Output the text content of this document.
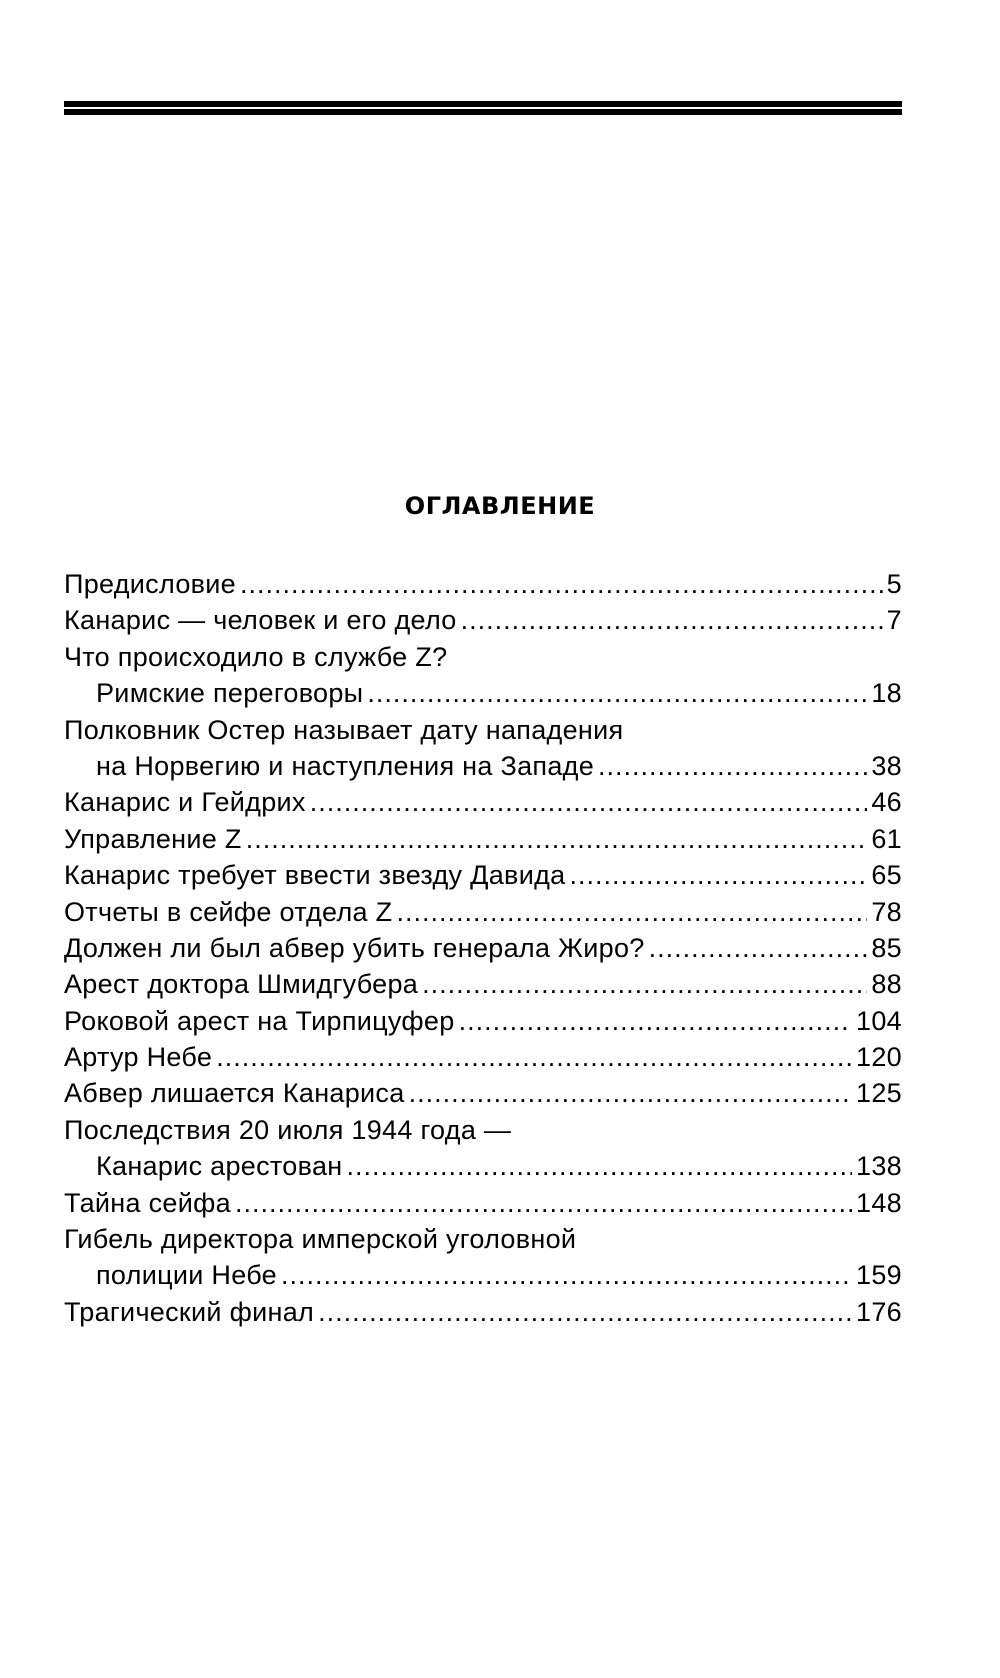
ОГЛАВЛЕНИЕ
Предисловие .....	5
Канарис — человек и его дело .....	7
Что происходило в службе Z?
Римские переговоры .....	18
Полковник Остер называет дату нападения
на Норвегию и наступления на Западе .....	38
Канарис и Гейдрих .....	46
Управление Z .....	61
Канарис требует ввести звезду Давида .....	65
Отчеты в сейфе отдела Z .....	78
Должен ли был абвер убить генерала Жиро? .....	85
Арест доктора Шмидгубера .....	88
Роковой арест на Тирпицуфер .....	104
Артур Небе .....	120
Абвер лишается Канариса .....	125
Последствия 20 июля 1944 года —
Канарис арестован .....	138
Тайна сейфа .....	148
Гибель директора имперской уголовной
полиции Небе .....	159
Трагический финал .....	176
